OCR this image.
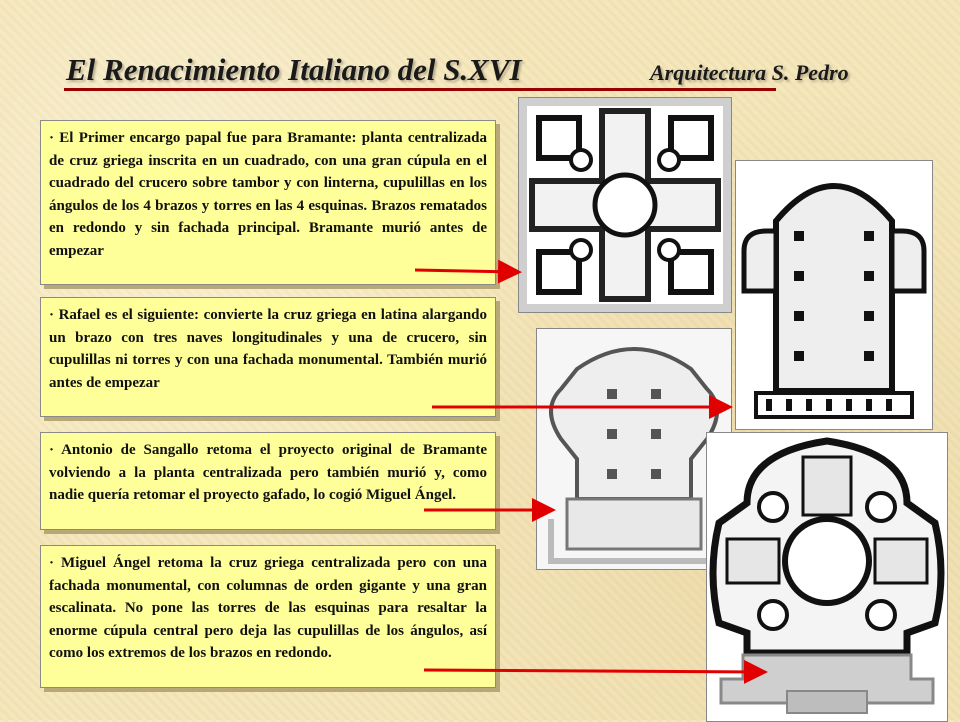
El Renacimiento Italiano del S.XVI	Arquitectura S. Pedro
· El Primer encargo papal fue para Bramante: planta centralizada de cruz griega inscrita en un cuadrado, con una gran cúpula en el cuadrado del crucero sobre tambor y con linterna, cupulillas en los ángulos de los 4 brazos y torres en las 4 esquinas. Brazos rematados en redondo y sin fachada principal. Bramante murió antes de empezar
· Rafael es el siguiente: convierte la cruz griega en latina alargando un brazo con tres naves longitudinales y una de crucero, sin cupulillas ni torres y con una fachada monumental. También murió antes de empezar
· Antonio de Sangallo retoma el proyecto original de Bramante volviendo a la planta centralizada pero también murió y, como nadie quería retomar el proyecto gafado, lo cogió Miguel Ángel.
· Miguel Ángel retoma la cruz griega centralizada pero con una fachada monumental, con columnas de orden gigante y una gran escalinata. No pone las torres de las esquinas para resaltar la enorme cúpula central pero deja las cupulillas de los ángulos, así como los extremos de los brazos en redondo.
